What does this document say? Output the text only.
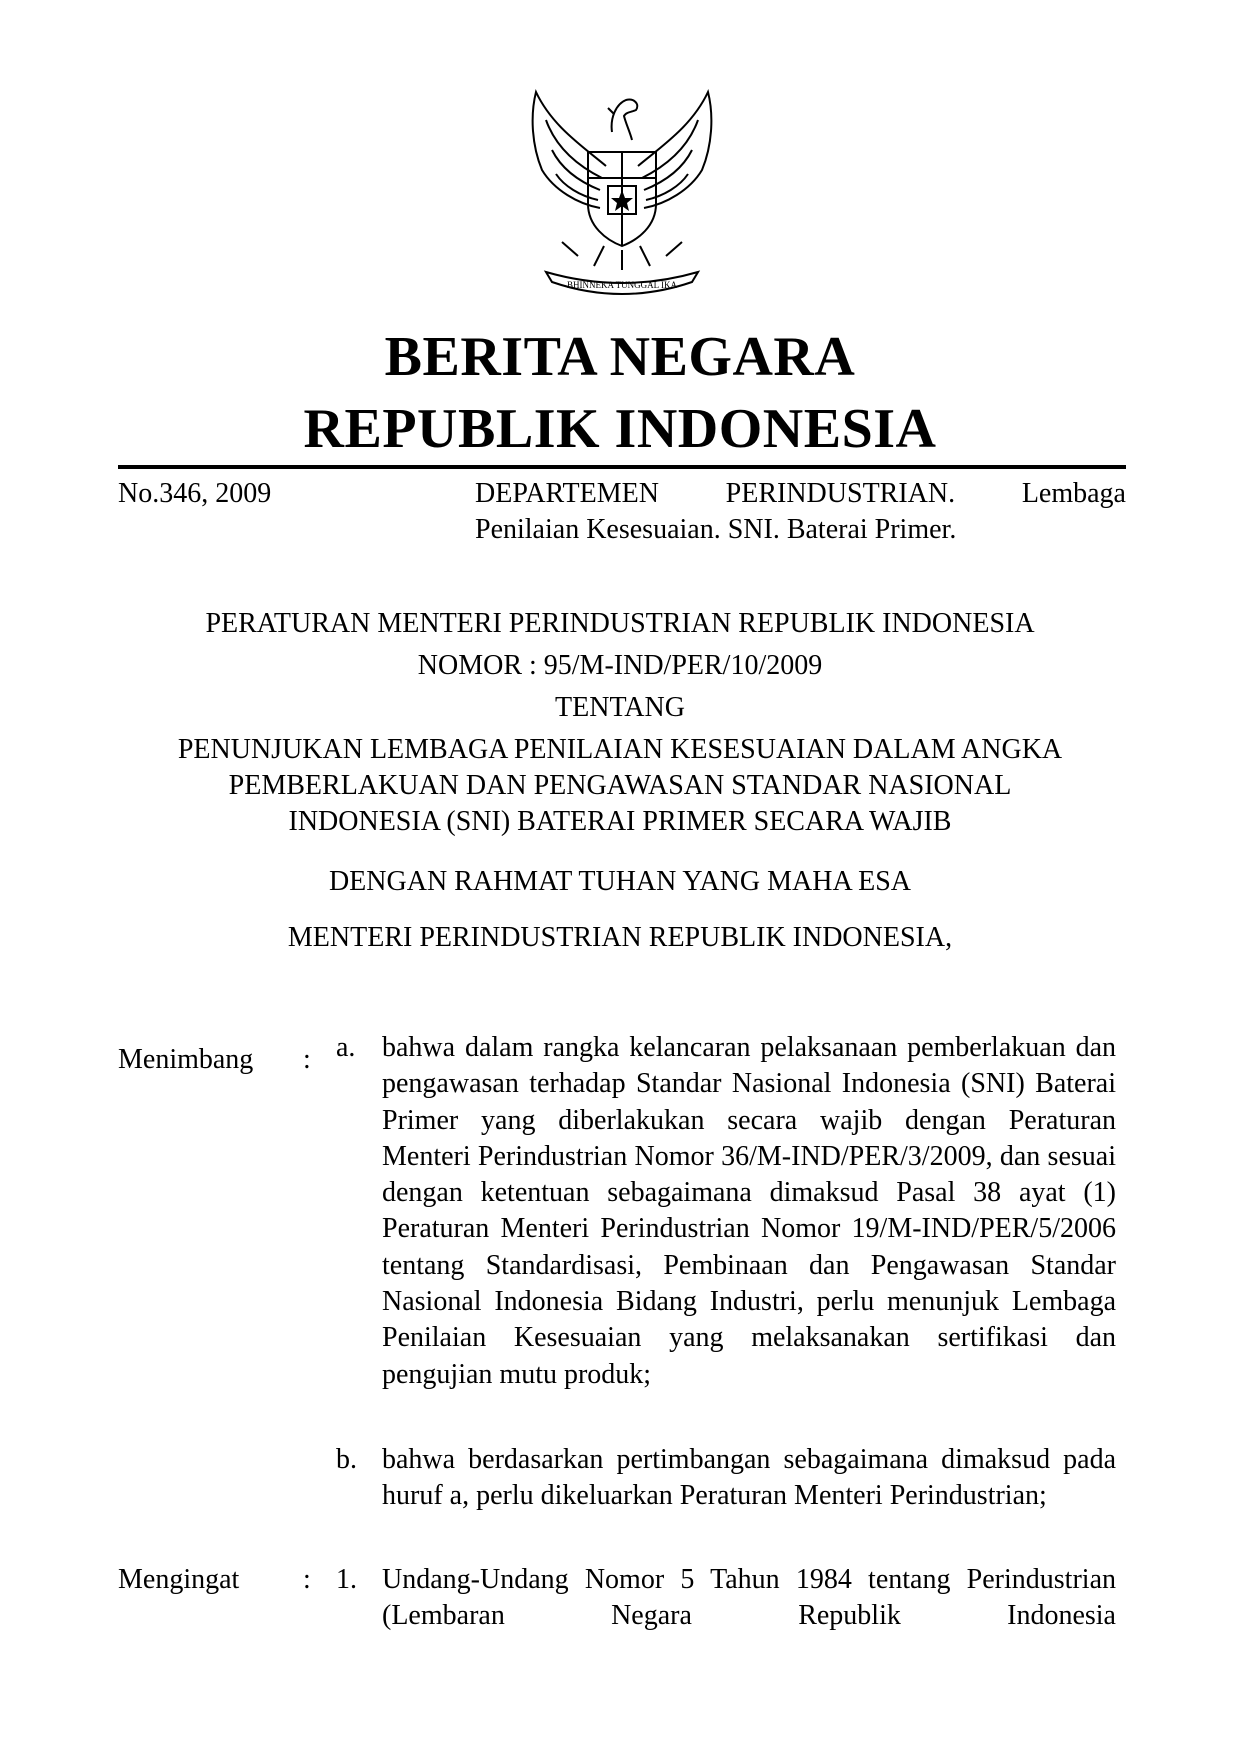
BHINNEKA TUNGGAL IKA
BERITA NEGARA
REPUBLIK INDONESIA
No.346, 2009	DEPARTEMEN PERINDUSTRIAN. Lembaga
Penilaian Kesesuaian. SNI. Baterai Primer.
PERATURAN MENTERI PERINDUSTRIAN REPUBLIK INDONESIA
NOMOR : 95/M-IND/PER/10/2009
TENTANG
PENUNJUKAN LEMBAGA PENILAIAN KESESUAIAN DALAM ANGKA
PEMBERLAKUAN DAN PENGAWASAN STANDAR NASIONAL
INDONESIA (SNI) BATERAI PRIMER SECARA WAJIB
DENGAN RAHMAT TUHAN YANG MAHA ESA
MENTERI PERINDUSTRIAN REPUBLIK INDONESIA,
Menimbang : a. bahwa dalam rangka kelancaran pelaksanaan pemberlakuan dan pengawasan terhadap Standar Nasional Indonesia (SNI) Baterai Primer yang diberlakukan secara wajib dengan Peraturan Menteri Perindustrian Nomor 36/M-IND/PER/3/2009, dan sesuai dengan ketentuan sebagaimana dimaksud Pasal 38 ayat (1) Peraturan Menteri Perindustrian Nomor 19/M-IND/PER/5/2006 tentang Standardisasi, Pembinaan dan Pengawasan Standar Nasional Indonesia Bidang Industri, perlu menunjuk Lembaga Penilaian Kesesuaian yang melaksanakan sertifikasi dan pengujian mutu produk;
b. bahwa berdasarkan pertimbangan sebagaimana dimaksud pada huruf a, perlu dikeluarkan Peraturan Menteri Perindustrian;
Mengingat : 1. Undang-Undang Nomor 5 Tahun 1984 tentang Perindustrian (Lembaran Negara Republik Indonesia
